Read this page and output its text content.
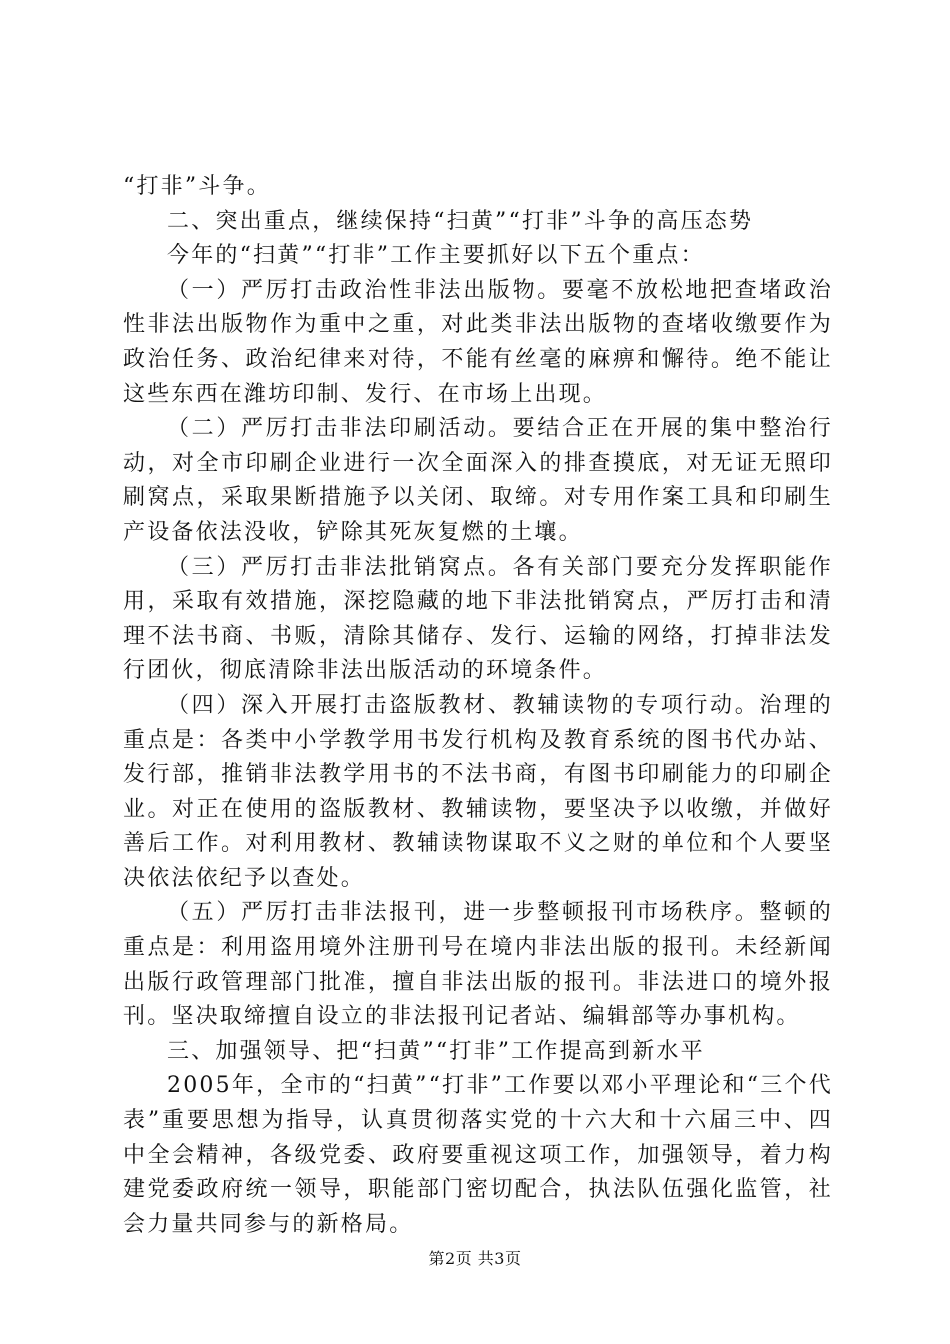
“打非”斗争。

二、突出重点，继续保持“扫黄”“打非”斗争的高压态势

今年的“扫黄”“打非”工作主要抓好以下五个重点：

（一）严厉打击政治性非法出版物。要毫不放松地把查堵政治性非法出版物作为重中之重，对此类非法出版物的查堵收缴要作为政治任务、政治纪律来对待，不能有丝毫的麻痹和懈待。绝不能让这些东西在潍坊印制、发行、在市场上出现。

（二）严厉打击非法印刷活动。要结合正在开展的集中整治行动，对全市印刷企业进行一次全面深入的排查摸底，对无证无照印刷窝点，采取果断措施予以关闭、取缔。对专用作案工具和印刷生产设备依法没收，铲除其死灰复燃的土壤。

（三）严厉打击非法批销窝点。各有关部门要充分发挥职能作用，采取有效措施，深挖隐藏的地下非法批销窝点，严厉打击和清理不法书商、书贩，清除其储存、发行、运输的网络，打掉非法发行团伙，彻底清除非法出版活动的环境条件。

（四）深入开展打击盗版教材、教辅读物的专项行动。治理的重点是：各类中小学教学用书发行机构及教育系统的图书代办站、发行部，推销非法教学用书的不法书商，有图书印刷能力的印刷企业。对正在使用的盗版教材、教辅读物，要坚决予以收缴，并做好善后工作。对利用教材、教辅读物谋取不义之财的单位和个人要坚决依法依纪予以查处。

（五）严厉打击非法报刊，进一步整顿报刊市场秩序。整顿的重点是：利用盗用境外注册刊号在境内非法出版的报刊。未经新闻出版行政管理部门批准，擅自非法出版的报刊。非法进口的境外报刊。坚决取缔擅自设立的非法报刊记者站、编辑部等办事机构。

三、加强领导、把“扫黄”“打非”工作提高到新水平

2005年，全市的“扫黄”“打非”工作要以邓小平理论和“三个代表”重要思想为指导，认真贯彻落实党的十六大和十六届三中、四中全会精神，各级党委、政府要重视这项工作，加强领导，着力构建党委政府统一领导，职能部门密切配合，执法队伍强化监管，社会力量共同参与的新格局。

第2页 共3页
